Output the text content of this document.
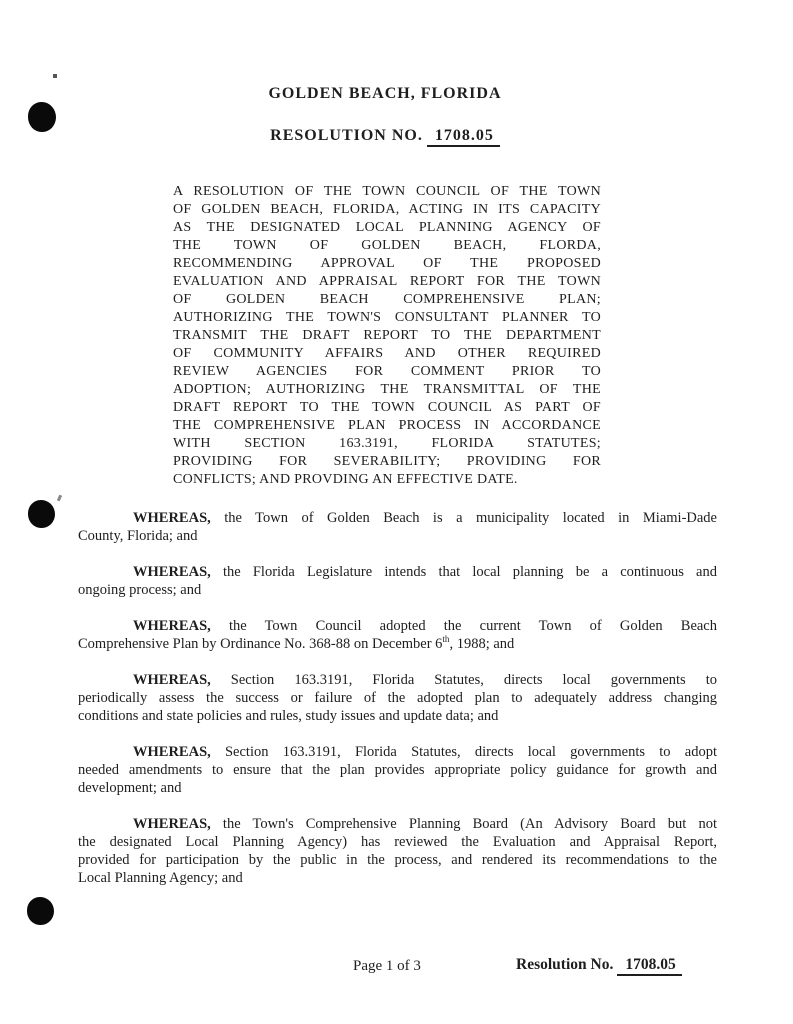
GOLDEN BEACH, FLORIDA
RESOLUTION NO. 1708.05
A RESOLUTION OF THE TOWN COUNCIL OF THE TOWN
OF GOLDEN BEACH, FLORIDA, ACTING IN ITS CAPACITY
AS THE DESIGNATED LOCAL PLANNING AGENCY OF
THE TOWN OF GOLDEN BEACH, FLORDA,
RECOMMENDING APPROVAL OF THE PROPOSED
EVALUATION AND APPRAISAL REPORT FOR THE TOWN
OF GOLDEN BEACH COMPREHENSIVE PLAN;
AUTHORIZING THE TOWN'S CONSULTANT PLANNER TO
TRANSMIT THE DRAFT REPORT TO THE DEPARTMENT
OF COMMUNITY AFFAIRS AND OTHER REQUIRED
REVIEW AGENCIES FOR COMMENT PRIOR TO
ADOPTION; AUTHORIZING THE TRANSMITTAL OF THE
DRAFT REPORT TO THE TOWN COUNCIL AS PART OF
THE COMPREHENSIVE PLAN PROCESS IN ACCORDANCE
WITH SECTION 163.3191, FLORIDA STATUTES;
PROVIDING FOR SEVERABILITY; PROVIDING FOR
CONFLICTS; AND PROVDING AN EFFECTIVE DATE.
WHEREAS, the Town of Golden Beach is a municipality located in Miami-Dade
County, Florida; and
WHEREAS, the Florida Legislature intends that local planning be a continuous and
ongoing process; and
WHEREAS, the Town Council adopted the current Town of Golden Beach
Comprehensive Plan by Ordinance No. 368-88 on December 6th, 1988; and
WHEREAS, Section 163.3191, Florida Statutes, directs local governments to
periodically assess the success or failure of the adopted plan to adequately address changing
conditions and state policies and rules, study issues and update data; and
WHEREAS, Section 163.3191, Florida Statutes, directs local governments to adopt
needed amendments to ensure that the plan provides appropriate policy guidance for growth and
development; and
WHEREAS, the Town's Comprehensive Planning Board (An Advisory Board but not
the designated Local Planning Agency) has reviewed the Evaluation and Appraisal Report,
provided for participation by the public in the process, and rendered its recommendations to the
Local Planning Agency; and
Page 1 of 3	Resolution No. 1708.05
